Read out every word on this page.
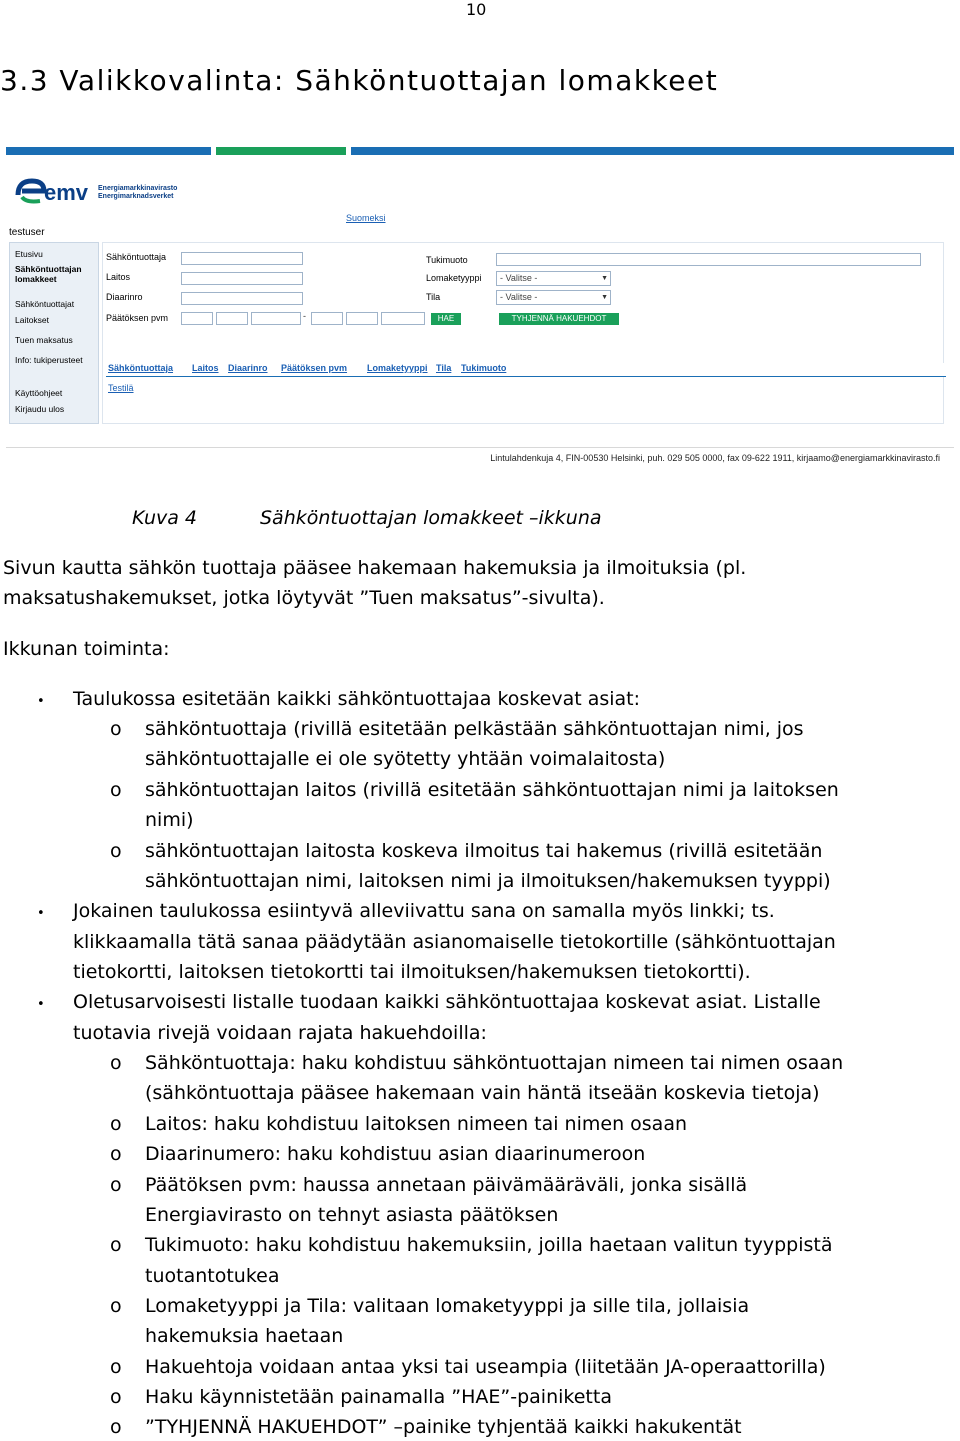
10
3.3 Valikkovalinta: Sähköntuottajan lomakkeet
emv Energiamarkkinavirasto
Energimarknadsverket
Suomeksi
testuser
Etusivu
Sähköntuottajan lomakkeet
Sähköntuottajat
Laitokset
Tuen maksatus
Info: tukiperusteet
Käyttöohjeet
Kirjaudu ulos
Sähköntuottaja
Laitos
Diaarinro
Päätöksen pvm	-
Tukimuoto
Lomaketyyppi	- Valitse -	▼
Tila	- Valitse -	▼
HAE	TYHJENNÄ HAKUEHDOT
Sähköntuottaja Laitos Diaarinro Päätöksen pvm Lomaketyyppi Tila Tukimuoto
Testilä
Lintulahdenkuja 4, FIN-00530 Helsinki, puh. 029 505 0000, fax 09-622 1911, kirjaamo@energiamarkkinavirasto.fi
Kuva 4	Sähköntuottajan lomakkeet –ikkuna
Sivun kautta sähkön tuottaja pääsee hakemaan hakemuksia ja ilmoituksia (pl.
maksatushakemukset, jotka löytyvät ”Tuen maksatus”-sivulta).
Ikkunan toiminta:
• Taulukossa esitetään kaikki sähköntuottajaa koskevat asiat:
o sähköntuottaja (rivillä esitetään pelkästään sähköntuottajan nimi, jos
sähköntuottajalle ei ole syötetty yhtään voimalaitosta)
o sähköntuottajan laitos (rivillä esitetään sähköntuottajan nimi ja laitoksen
nimi)
o sähköntuottajan laitosta koskeva ilmoitus tai hakemus (rivillä esitetään
sähköntuottajan nimi, laitoksen nimi ja ilmoituksen/hakemuksen tyyppi)
• Jokainen taulukossa esiintyvä alleviivattu sana on samalla myös linkki; ts.
klikkaamalla tätä sanaa päädytään asianomaiselle tietokortille (sähköntuottajan
tietokortti, laitoksen tietokortti tai ilmoituksen/hakemuksen tietokortti).
• Oletusarvoisesti listalle tuodaan kaikki sähköntuottajaa koskevat asiat. Listalle
tuotavia rivejä voidaan rajata hakuehdoilla:
o Sähköntuottaja: haku kohdistuu sähköntuottajan nimeen tai nimen osaan
(sähköntuottaja pääsee hakemaan vain häntä itseään koskevia tietoja)
o Laitos: haku kohdistuu laitoksen nimeen tai nimen osaan
o Diaarinumero: haku kohdistuu asian diaarinumeroon
o Päätöksen pvm: haussa annetaan päivämääräväli, jonka sisällä
Energiavirasto on tehnyt asiasta päätöksen
o Tukimuoto: haku kohdistuu hakemuksiin, joilla haetaan valitun tyyppistä
tuotantotukea
o Lomaketyyppi ja Tila: valitaan lomaketyyppi ja sille tila, jollaisia
hakemuksia haetaan
o Hakuehtoja voidaan antaa yksi tai useampia (liitetään JA-operaattorilla)
o Haku käynnistetään painamalla ”HAE”-painiketta
o ”TYHJENNÄ HAKUEHDOT” –painike tyhjentää kaikki hakukentät
